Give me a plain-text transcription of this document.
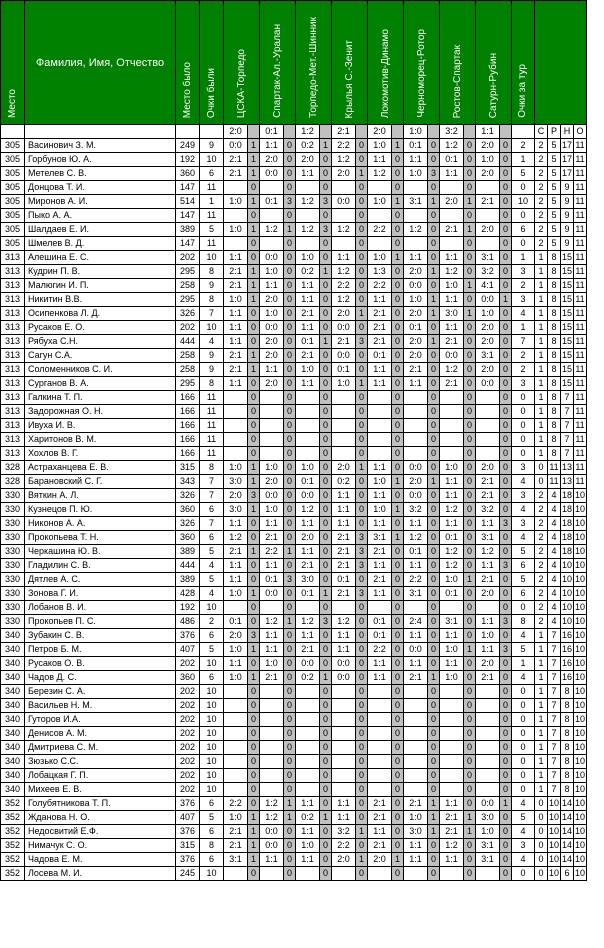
Место	Фамилия, Имя, Отчество	Место было	Очки были	ЦСКА-Торпедо		Спартак-Ал.-Уралан		Торпедо-Мет.-Шинник		Крылья С.-Зенит		Локомотив-Динамо		Черноморец-Ротор		Ростов-Спартак		Сатурн-Рубин		Очки за тур				
				2:0		0:1		1:2		2:1		2:0		1:0		3:2		1:1			С	Р	Н	О
305	Васинович З. М.	249	9	0:0	1	1:1	0	0:2	1	2:2	0	1:0	1	0:1	0	1:2	0	2:0	0	2	2	5	17	11
305	Горбунов Ю. А.	192	10	2:1	1	2:0	0	2:0	0	1:2	0	1:1	0	1:1	0	0:1	0	1:0	0	1	2	5	17	11
305	Метелев С. В.	360	6	2:1	1	0:0	0	1:1	0	2:0	1	1:2	0	1:0	3	1:1	0	2:0	0	5	2	5	17	11
305	Донцова Т. И.	147	11		0		0		0		0		0		0		0		0	0	2	5	9	11
305	Миронов А. И.	514	1	1:0	1	0:1	3	1:2	3	0:0	0	1:0	1	3:1	1	2:0	1	2:1	0	10	2	5	9	11
305	Пыко А. А.	147	11		0		0		0		0		0		0		0		0	0	2	5	9	11
305	Шалдаев Е. И.	389	5	1:0	1	1:2	1	1:2	3	1:2	0	2:2	0	1:2	0	2:1	1	2:0	0	6	2	5	9	11
305	Шмелев В. Д.	147	11		0		0		0		0		0		0		0		0	0	2	5	9	11
313	Алешина Е. С.	202	10	1:1	0	0:0	0	1:0	0	1:1	0	1:0	1	1:1	0	1:1	0	3:1	0	1	1	8	15	11
313	Кудрин П. В.	295	8	2:1	1	1:0	0	0:2	1	1:2	0	1:3	0	2:0	1	1:2	0	3:2	0	3	1	8	15	11
313	Малюгин И. П.	258	9	2:1	1	1:1	0	1:1	0	2:2	0	2:2	0	0:0	0	1:0	1	4:1	0	2	1	8	15	11
313	Никитин В.В.	295	8	1:0	1	2:0	0	1:1	0	1:2	0	1:1	0	1:0	1	1:1	0	0:0	1	3	1	8	15	11
313	Осипенкова Л. Д.	326	7	1:1	0	1:0	0	2:1	0	2:0	1	2:1	0	2:0	1	3:0	1	1:0	0	4	1	8	15	11
313	Русаков Е. О.	202	10	1:1	0	0:0	0	1:1	0	0:0	0	2:1	0	0:1	0	1:1	0	2:0	0	1	1	8	15	11
313	Рябуха С.Н.	444	4	1:1	0	2:0	0	0:1	1	2:1	3	2:1	0	2:0	1	2:1	0	2:0	0	7	1	8	15	11
313	Сагун С.А.	258	9	2:1	1	2:0	0	2:1	0	0:0	0	0:1	0	2:0	0	0:0	0	3:1	0	2	1	8	15	11
313	Соломенников С. И.	258	9	2:1	1	1:1	0	1:0	0	0:1	0	1:1	0	2:1	0	1:2	0	2:0	0	2	1	8	15	11
313	Сурганов В. А.	295	8	1:1	0	2:0	0	1:1	0	1:0	1	1:1	0	1:1	0	2:1	0	0:0	0	3	1	8	15	11
313	Галкина Т. П.	166	11		0		0		0		0		0		0		0		0	0	1	8	7	11
313	Задорожная О. Н.	166	11		0		0		0		0		0		0		0		0	0	1	8	7	11
313	Ивуха И. В.	166	11		0		0		0		0		0		0		0		0	0	1	8	7	11
313	Харитонов В. М.	166	11		0		0		0		0		0		0		0		0	0	1	8	7	11
313	Хохлов В. Г.	166	11		0		0		0		0		0		0		0		0	0	1	8	7	11
328	Астраханцева Е. В.	315	8	1:0	1	1:0	0	1:0	0	2:0	1	1:1	0	0:0	0	1:0	0	2:0	0	3	0	11	13	11
328	Барановский С. Г.	343	7	3:0	1	2:0	0	0:1	0	0:2	0	1:0	1	2:0	1	1:1	0	2:1	0	4	0	11	13	11
330	Вяткин А. Л.	326	7	2:0	3	0:0	0	0:0	0	1:1	0	1:1	0	0:0	0	1:1	0	2:1	0	3	2	4	18	10
330	Кузнецов П. Ю.	360	6	3:0	1	1:0	0	1:2	0	1:1	0	1:0	1	3:2	0	1:2	0	3:2	0	4	2	4	18	10
330	Никонов А. А.	326	7	1:1	0	1:1	0	1:1	0	1:1	0	1:1	0	1:1	0	1:1	0	1:1	3	3	2	4	18	10
330	Прокопьева Т. Н.	360	6	1:2	0	2:1	0	2:0	0	2:1	3	3:1	1	1:2	0	0:1	0	3:1	0	4	2	4	18	10
330	Черкашина Ю. В.	389	5	2:1	1	2:2	1	1:1	0	2:1	3	2:1	0	0:1	0	1:2	0	1:2	0	5	2	4	18	10
330	Гладилин С. В.	444	4	1:1	0	1:1	0	2:1	0	2:1	3	1:1	0	1:1	0	1:2	0	1:1	3	6	2	4	10	10
330	Дятлев А. С.	389	5	1:1	0	0:1	3	3:0	0	0:1	0	2:1	0	2:2	0	1:0	1	2:1	0	5	2	4	10	10
330	Зонова Г. И.	428	4	1:0	1	0:0	0	0:1	1	2:1	3	1:1	0	3:1	0	0:1	0	2:0	0	6	2	4	10	10
330	Лобанов В. И.	192	10		0		0		0		0		0		0		0		0	0	2	4	10	10
330	Прокопьев П. С.	486	2	0:1	0	1:2	1	1:2	3	1:2	0	0:1	0	2:4	0	3:1	0	1:1	3	8	2	4	10	10
340	Зубакин С. В.	376	6	2:0	3	1:1	0	1:1	0	1:1	0	0:1	0	1:1	0	1:1	0	1:0	0	4	1	7	16	10
340	Петров Б. М.	407	5	1:0	1	1:1	0	2:1	0	1:1	0	2:2	0	0:0	0	1:0	1	1:1	3	5	1	7	16	10
340	Русаков О. В.	202	10	1:1	0	1:0	0	0:0	0	0:0	0	1:1	0	1:1	0	1:1	0	2:0	0	1	1	7	16	10
340	Чадов Д. С.	360	6	1:0	1	2:1	0	0:2	1	0:0	0	1:1	0	2:1	1	1:0	0	2:1	0	4	1	7	16	10
340	Березин С. А.	202	10		0		0		0		0		0		0		0		0	0	1	7	8	10
340	Васильев Н. М.	202	10		0		0		0		0		0		0		0		0	0	1	7	8	10
340	Гуторов И.А.	202	10		0		0		0		0		0		0		0		0	0	1	7	8	10
340	Денисов А. М.	202	10		0		0		0		0		0		0		0		0	0	1	7	8	10
340	Дмитриева С. М.	202	10		0		0		0		0		0		0		0		0	0	1	7	8	10
340	Зюзько С.С.	202	10		0		0		0		0		0		0		0		0	0	1	7	8	10
340	Лобацкая Г. П.	202	10		0		0		0		0		0		0		0		0	0	1	7	8	10
340	Михеев Е. В.	202	10		0		0		0		0		0		0		0		0	0	1	7	8	10
352	Голубятникова Т. П.	376	6	2:2	0	1:2	1	1:1	0	1:1	0	2:1	0	2:1	1	1:1	0	0:0	1	4	0	10	14	10
352	Жданова Н. О.	407	5	1:0	1	1:2	1	0:2	1	1:1	0	2:1	0	1:0	1	2:1	1	3:0	0	5	0	10	14	10
352	Недосвитий Е.Ф.	376	6	2:1	1	0:0	0	1:1	0	3:2	1	1:1	0	3:0	1	2:1	1	1:0	0	4	0	10	14	10
352	Нимачук С. О.	315	8	2:1	1	0:0	0	1:0	0	2:2	0	2:1	0	1:1	0	1:2	0	3:1	0	3	0	10	14	10
352	Чадова Е. М.	376	6	3:1	1	1:1	0	1:1	0	2:0	1	2:0	1	1:1	0	1:1	0	3:1	0	4	0	10	14	10
352	Лосева М. И.	245	10		0		0		0		0		0		0		0		0	0	0	10	6	10
